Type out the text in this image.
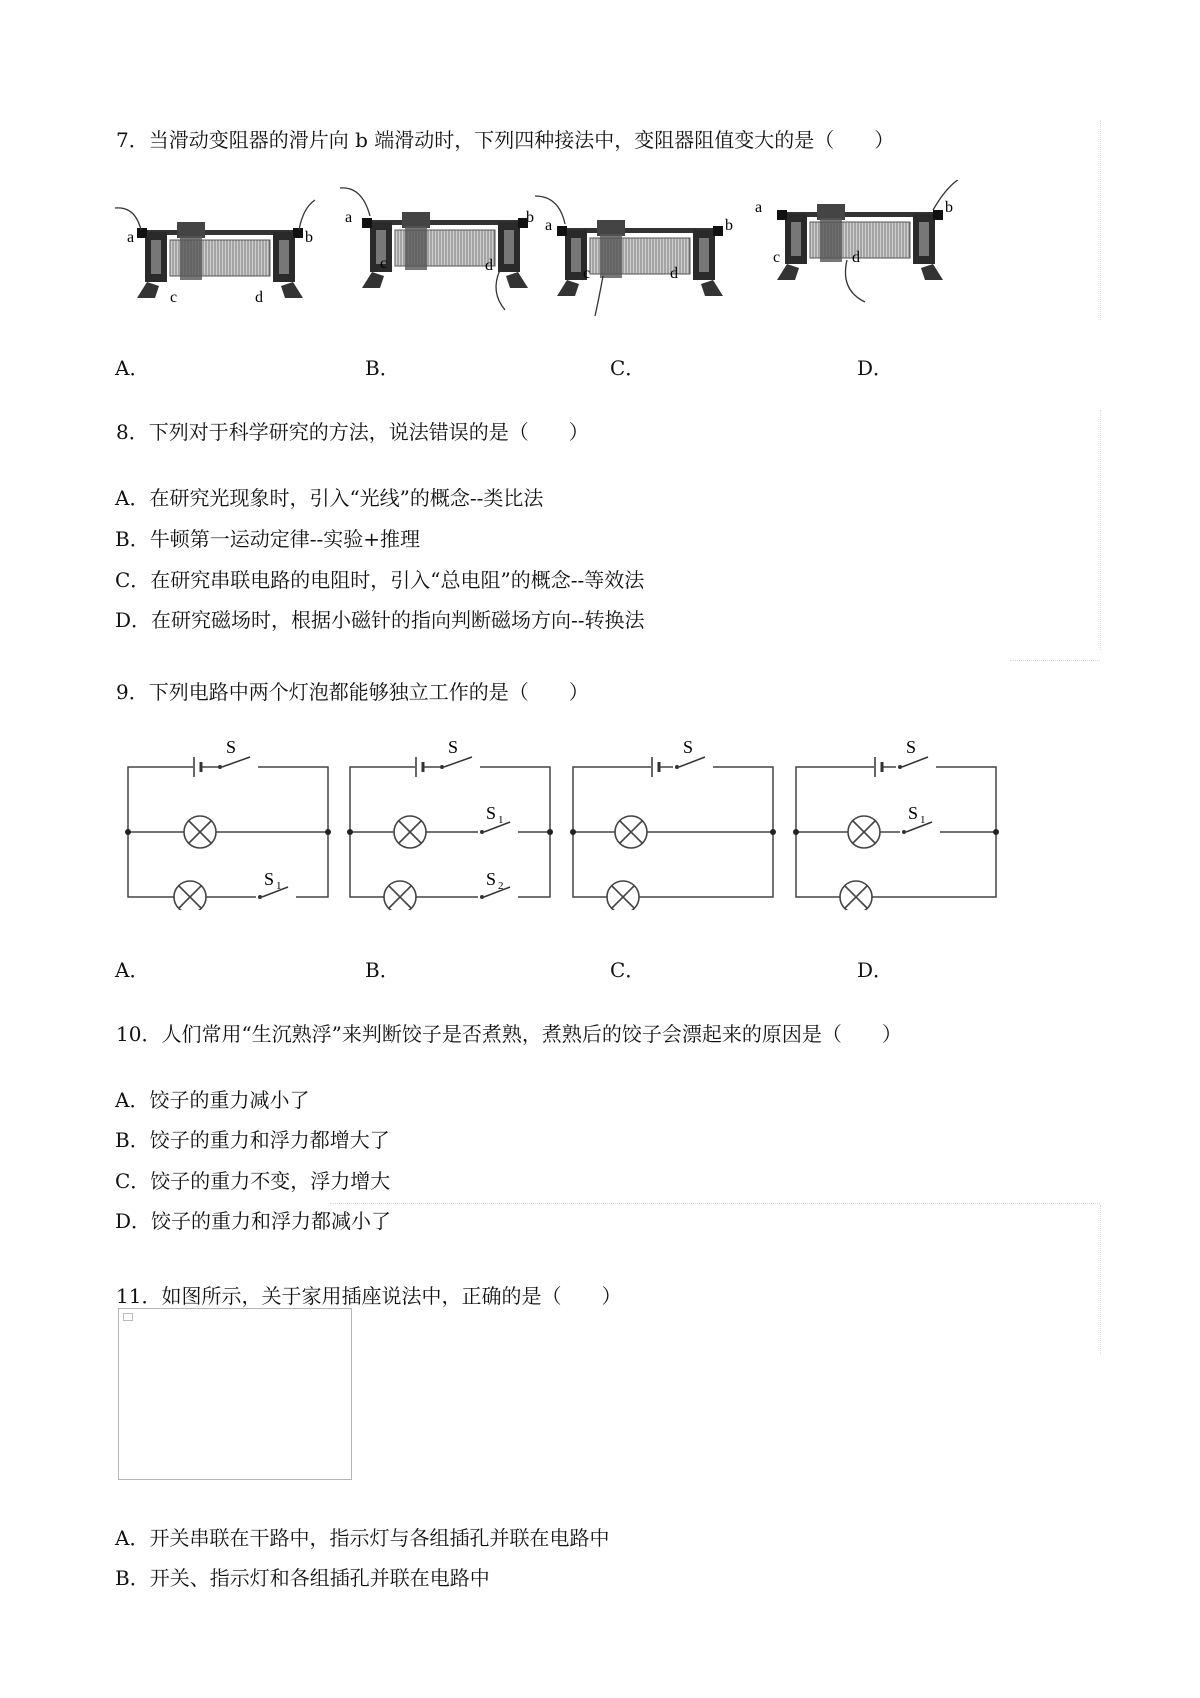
7．当滑动变阻器的滑片向 b 端滑动时，下列四种接法中，变阻器阻值变大的是（　　）
a	b
c	d
a	b
c	d
a	b
c	d
a	b
c	d
A．	B．	C．	D．
8．下列对于科学研究的方法，说法错误的是（　　）
A．在研究光现象时，引入“光线”的概念--类比法
B．牛顿第一运动定律--实验+推理
C．在研究串联电路的电阻时，引入“总电阻”的概念--等效法
D．在研究磁场时，根据小磁针的指向判断磁场方向--转换法
9．下列电路中两个灯泡都能够独立工作的是（　　）
S
S 1
S
S 1
S 2
S	S
S 1
A．	B．	C．	D．
10．人们常用“生沉熟浮”来判断饺子是否煮熟，煮熟后的饺子会漂起来的原因是（　　）
A．饺子的重力减小了
B．饺子的重力和浮力都增大了
C．饺子的重力不变，浮力增大
D．饺子的重力和浮力都减小了
11．如图所示，关于家用插座说法中，正确的是（　　）
A．开关串联在干路中，指示灯与各组插孔并联在电路中
B．开关、指示灯和各组插孔并联在电路中
